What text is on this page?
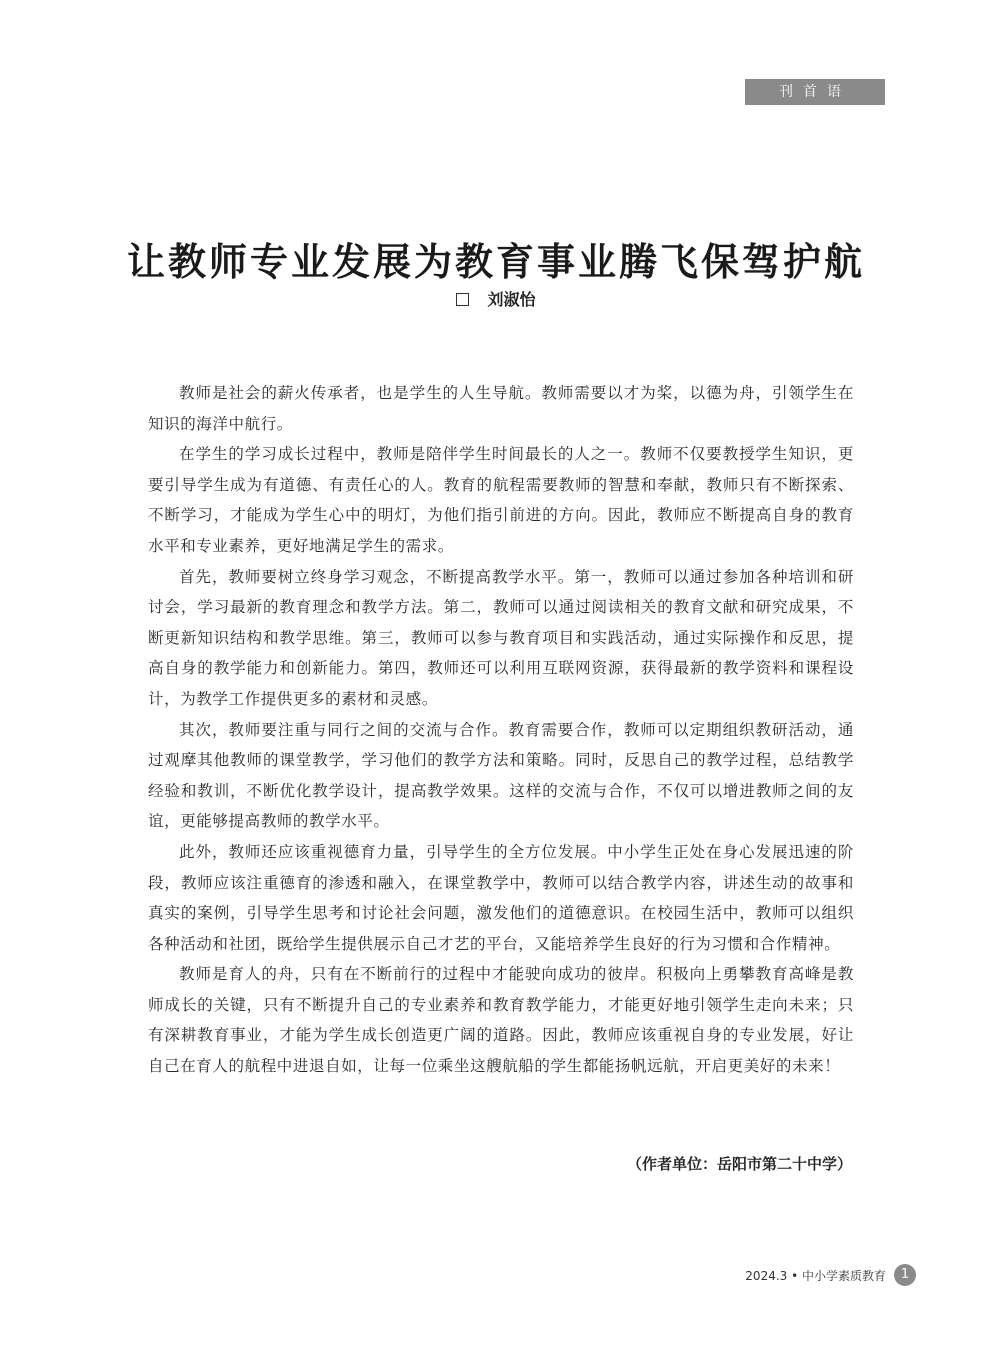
刊首语
让教师专业发展为教育事业腾飞保驾护航
刘淑怡

教师是社会的薪火传承者，也是学生的人生导航。教师需要以才为桨，以德为舟，引领学生在知识的海洋中航行。

在学生的学习成长过程中，教师是陪伴学生时间最长的人之一。教师不仅要教授学生知识，更要引导学生成为有道德、有责任心的人。教育的航程需要教师的智慧和奉献，教师只有不断探索、不断学习，才能成为学生心中的明灯，为他们指引前进的方向。因此，教师应不断提高自身的教育水平和专业素养，更好地满足学生的需求。

首先，教师要树立终身学习观念，不断提高教学水平。第一，教师可以通过参加各种培训和研讨会，学习最新的教育理念和教学方法。第二，教师可以通过阅读相关的教育文献和研究成果，不断更新知识结构和教学思维。第三，教师可以参与教育项目和实践活动，通过实际操作和反思，提高自身的教学能力和创新能力。第四，教师还可以利用互联网资源，获得最新的教学资料和课程设计，为教学工作提供更多的素材和灵感。

其次，教师要注重与同行之间的交流与合作。教育需要合作，教师可以定期组织教研活动，通过观摩其他教师的课堂教学，学习他们的教学方法和策略。同时，反思自己的教学过程，总结教学经验和教训，不断优化教学设计，提高教学效果。这样的交流与合作，不仅可以增进教师之间的友谊，更能够提高教师的教学水平。

此外，教师还应该重视德育力量，引导学生的全方位发展。中小学生正处在身心发展迅速的阶段，教师应该注重德育的渗透和融入，在课堂教学中，教师可以结合教学内容，讲述生动的故事和真实的案例，引导学生思考和讨论社会问题，激发他们的道德意识。在校园生活中，教师可以组织各种活动和社团，既给学生提供展示自己才艺的平台，又能培养学生良好的行为习惯和合作精神。

教师是育人的舟，只有在不断前行的过程中才能驶向成功的彼岸。积极向上勇攀教育高峰是教师成长的关键，只有不断提升自己的专业素养和教育教学能力，才能更好地引领学生走向未来；只有深耕教育事业，才能为学生成长创造更广阔的道路。因此，教师应该重视自身的专业发展，好让自己在育人的航程中进退自如，让每一位乘坐这艘航船的学生都能扬帆远航，开启更美好的未来！

（作者单位：岳阳市第二十中学）
2024.3 • 中小学素质教育	1
